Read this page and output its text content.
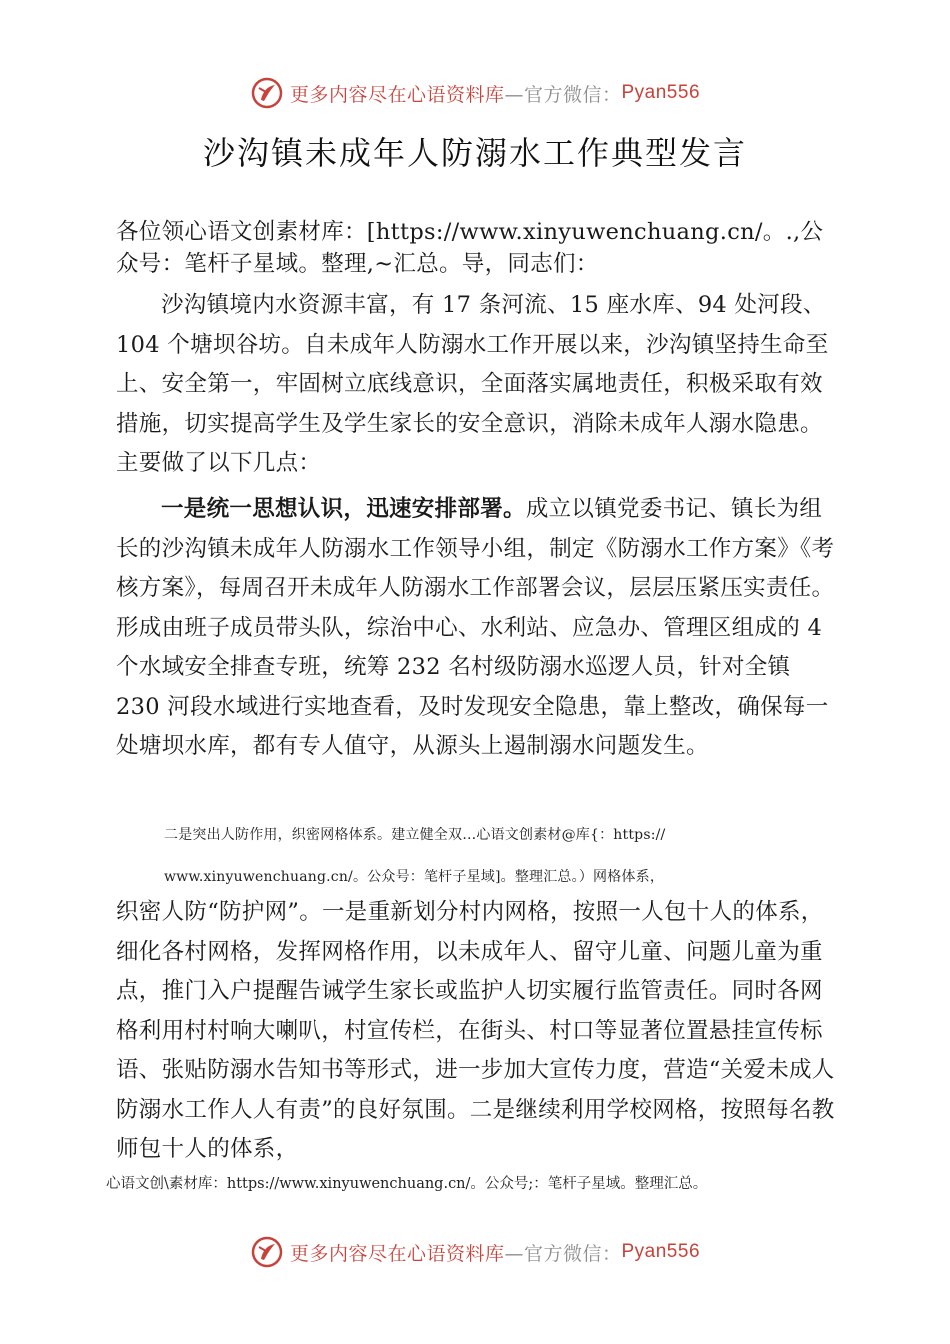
更多内容尽在心语资料库 —官方微信： Pyan556
沙沟镇未成年人防溺水工作典型发言

各位领心语文创素材库：[https://www.xinyuwenchuang.cn/。.,公众号：笔杆子星域。整理,~汇总。导，同志们：

沙沟镇境内水资源丰富，有 17 条河流、15 座水库、94 处河段、104 个塘坝谷坊。自未成年人防溺水工作开展以来，沙沟镇坚持生命至上、安全第一，牢固树立底线意识，全面落实属地责任，积极采取有效措施，切实提高学生及学生家长的安全意识，消除未成年人溺水隐患。主要做了以下几点：

一是统一思想认识，迅速安排部署。成立以镇党委书记、镇长为组长的沙沟镇未成年人防溺水工作领导小组，制定《防溺水工作方案》《考核方案》，每周召开未成年人防溺水工作部署会议，层层压紧压实责任。形成由班子成员带头队，综治中心、水利站、应急办、管理区组成的 4 个水域安全排查专班，统筹 232 名村级防溺水巡逻人员，针对全镇 230 河段水域进行实地查看，及时发现安全隐患，靠上整改，确保每一处塘坝水库，都有专人值守，从源头上遏制溺水问题发生。

二是突出人防作用，织密网格体系。建立健全双…心语文创素材@库{：https://
www.xinyuwenchuang.cn/。公众号：笔杆子星域]。整理汇总。）网格体系，

织密人防“防护网”。一是重新划分村内网格，按照一人包十人的体系，细化各村网格，发挥网格作用，以未成年人、留守儿童、问题儿童为重点，推门入户提醒告诫学生家长或监护人切实履行监管责任。同时各网格利用村村响大喇叭，村宣传栏，在街头、村口等显著位置悬挂宣传标语、张贴防溺水告知书等形式，进一步加大宣传力度，营造“关爱未成人防溺水工作人人有责”的良好氛围。二是继续利用学校网格，按照每名教师包十人的体系，

心语文创\素材库：https://www.xinyuwenchuang.cn/。公众号;：笔杆子星域。整理汇总。
更多内容尽在心语资料库 —官方微信： Pyan556
